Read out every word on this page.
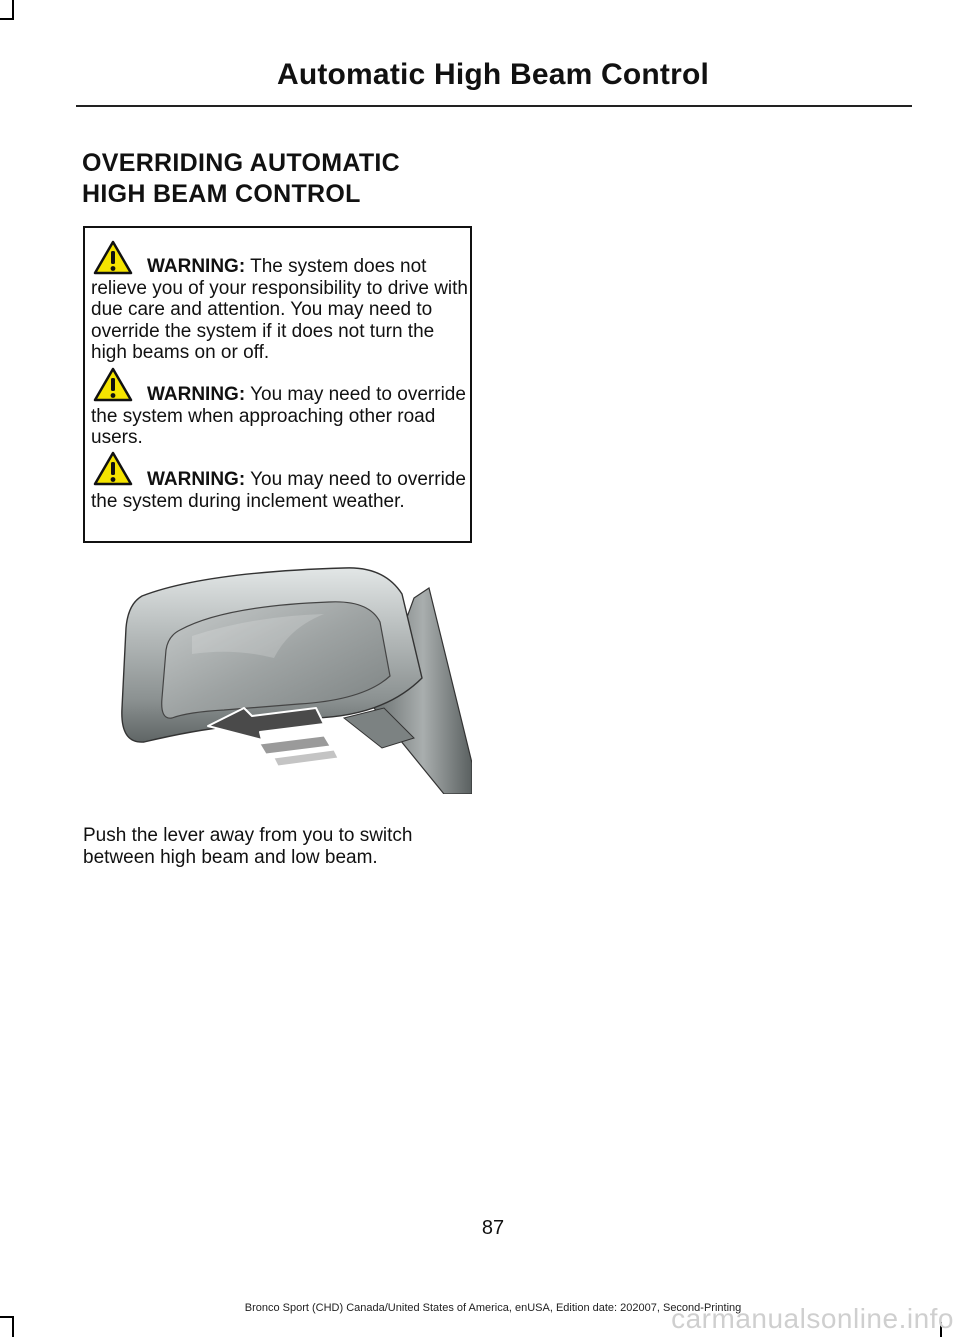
Automatic High Beam Control
OVERRIDING AUTOMATIC
HIGH BEAM CONTROL
WARNING: The system does not relieve you of your responsibility to drive with due care and attention. You may need to override the system if it does not turn the high beams on or off.
WARNING: You may need to override the system when approaching other road users.
WARNING: You may need to override the system during inclement weather.
Push the lever away from you to switch between high beam and low beam.
87
Bronco Sport (CHD) Canada/United States of America, enUSA, Edition date: 202007, Second-Printing
carmanualsonline.info
